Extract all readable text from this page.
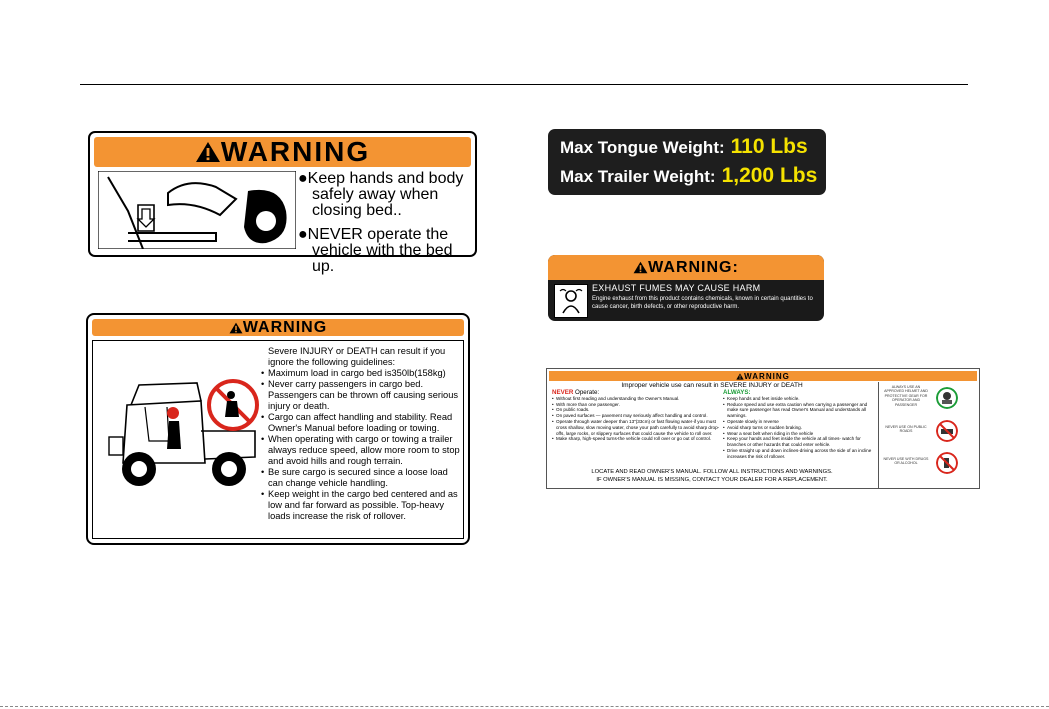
WARNING

●Keep hands and body safely away when closing bed..

●NEVER operate the vehicle with the bed up.

WARNING

Severe INJURY or DEATH can result if you ignore the following guidelines:

• Maximum load in cargo bed is350lb(158kg)
• Never carry passengers in cargo bed. Passengers can be thrown off causing serious injury or death.
• Cargo can affect handling and stability. Read Owner's Manual before loading or towing.
• When operating with cargo or towing a trailer always reduce speed, allow more room to stop and avoid hills and rough terrain.
• Be sure cargo is secured since a loose load can change vehicle handling.
• Keep weight in the cargo bed centered and as low and far forward as possible. Top-heavy loads increase the risk of rollover.
Max Tongue Weight: 110 Lbs
Max Trailer Weight: 1,200 Lbs
WARNING:
EXHAUST FUMES MAY CAUSE HARM
Engine exhaust from this product contains chemicals, known in certain quantities to cause cancer, birth defects, or other reproductive harm.
WARNING
Improper vehicle use can result in SEVERE INJURY or DEATH
NEVER Operate:
• Without first reading and understanding the Owner's Manual.
• With more than one passenger.
• On public roads.
• On paved surfaces — pavement may seriously affect handling and control.
• Operate through water deeper than 13"(33cm) or fast flowing water-if you must cross shallow, slow moving water, chose your path carefully to avoid sharp drop-offs, large rocks, or slippery surfaces that could cause the vehicle to roll over.
• Make sharp, high-speed turns-the vehicle could roll over or go out of control.
ALWAYS:
• Keep hands and feet inside vehicle.
• Reduce speed and use extra caution when carrying a passenger and make sure passenger has read Owner's Manual and understands all warnings.
• Operate slowly in reverse
• Avoid sharp turns or sudden braking.
• Wear a seat belt when riding in the vehicle
• Keep your hands and feet inside the vehicle at all times- watch for branches or other hazards that could enter vehicle.
• Drive straight up and down inclines-driving across the side of an incline increases the risk of rollover.
LOCATE AND READ OWNER'S MANUAL. FOLLOW ALL INSTRUCTIONS AND WARNINGS.
IF OWNER'S MANUAL IS MISSING, CONTACT YOUR DEALER FOR A REPLACEMENT.
ALWAYS USE AN APPROVED HELMET AND PROTECTIVE GEAR FOR OPERATOR AND PASSENGER
NEVER USE ON PUBLIC ROADS
NEVER USE WITH DRUGS OR ALCOHOL
